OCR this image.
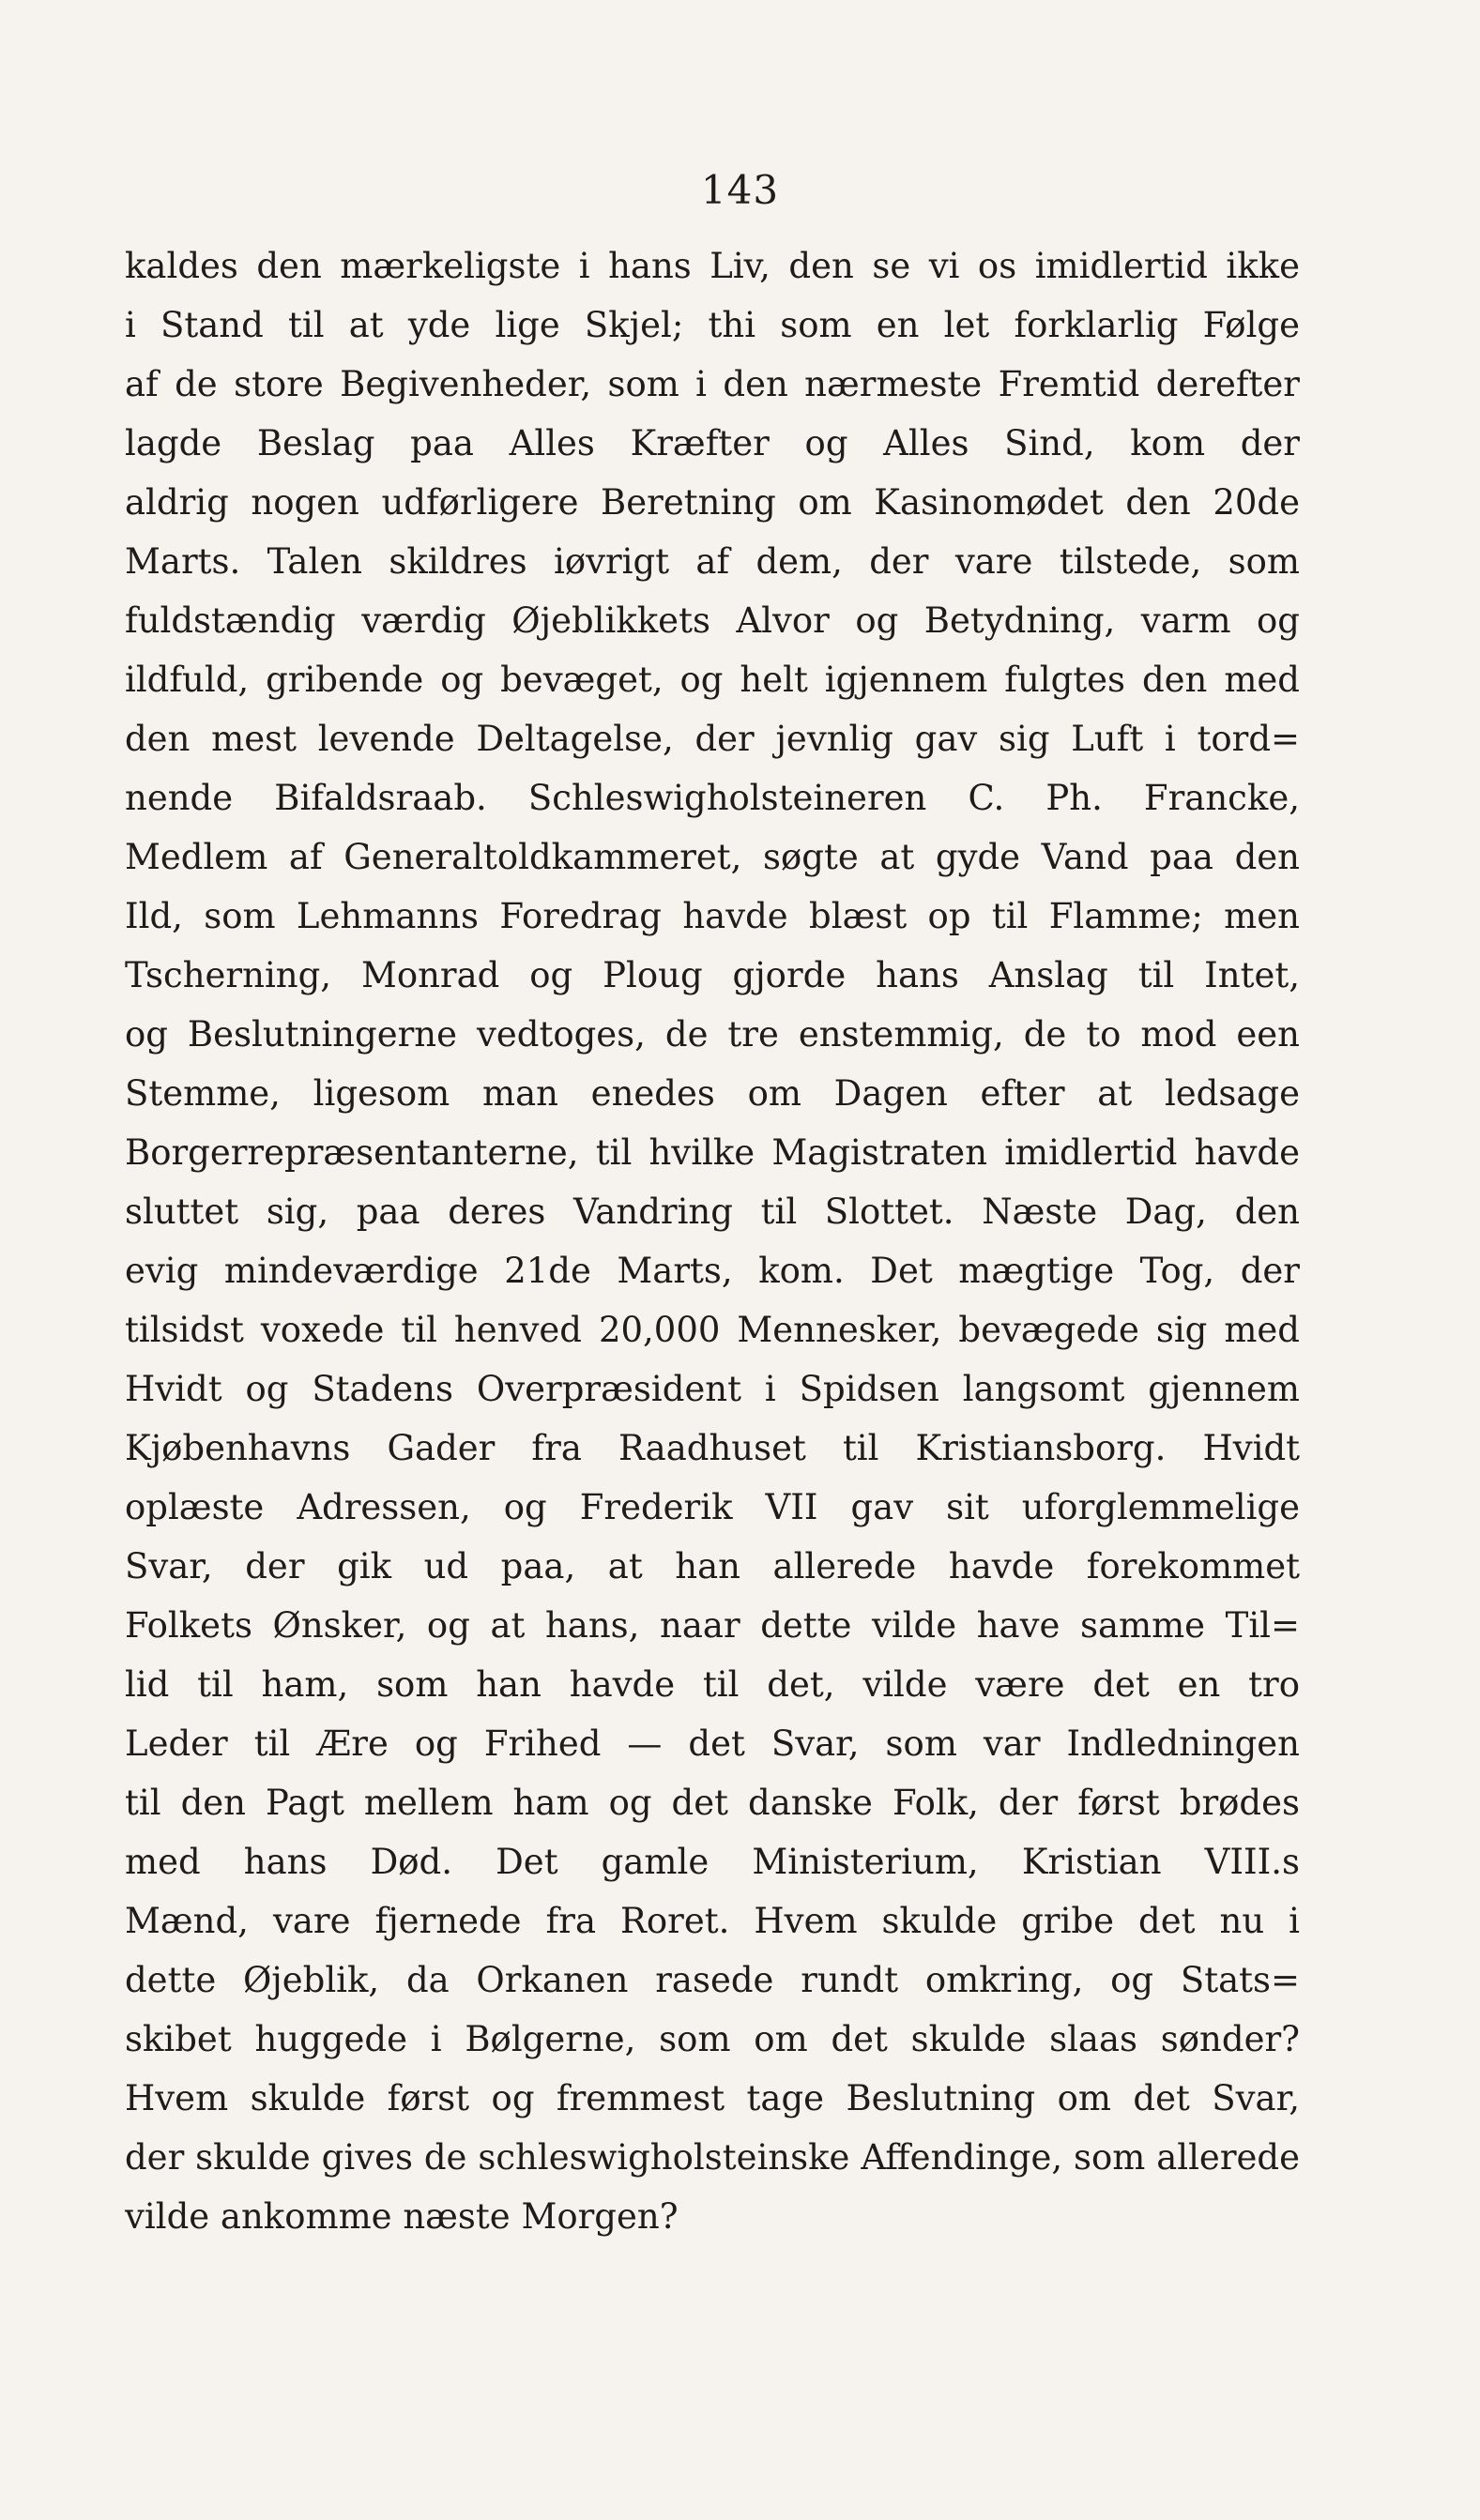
143
kaldes den mærkeligste i hans Liv, den se vi os imidlertid ikke
i Stand til at yde lige Skjel; thi som en let forklarlig Følge
af de store Begivenheder, som i den nærmeste Fremtid derefter
lagde Beslag paa Alles Kræfter og Alles Sind, kom der
aldrig nogen udførligere Beretning om Kasinomødet den 20de
Marts. Talen skildres iøvrigt af dem, der vare tilstede, som
fuldstændig værdig Øjeblikkets Alvor og Betydning, varm og
ildfuld, gribende og bevæget, og helt igjennem fulgtes den med
den mest levende Deltagelse, der jevnlig gav sig Luft i tord=
nende Bifaldsraab. Schleswigholsteineren C. Ph. Francke,
Medlem af Generaltoldkammeret, søgte at gyde Vand paa den
Ild, som Lehmanns Foredrag havde blæst op til Flamme; men
Tscherning, Monrad og Ploug gjorde hans Anslag til Intet,
og Beslutningerne vedtoges, de tre enstemmig, de to mod een
Stemme, ligesom man enedes om Dagen efter at ledsage
Borgerrepræsentanterne, til hvilke Magistraten imidlertid havde
sluttet sig, paa deres Vandring til Slottet. Næste Dag, den
evig mindeværdige 21de Marts, kom. Det mægtige Tog, der
tilsidst voxede til henved 20,000 Mennesker, bevægede sig med
Hvidt og Stadens Overpræsident i Spidsen langsomt gjennem
Kjøbenhavns Gader fra Raadhuset til Kristiansborg. Hvidt
oplæste Adressen, og Frederik VII gav sit uforglemmelige
Svar, der gik ud paa, at han allerede havde forekommet
Folkets Ønsker, og at hans, naar dette vilde have samme Til=
lid til ham, som han havde til det, vilde være det en tro
Leder til Ære og Frihed — det Svar, som var Indledningen
til den Pagt mellem ham og det danske Folk, der først brødes
med hans Død. Det gamle Ministerium, Kristian VIII.s
Mænd, vare fjernede fra Roret. Hvem skulde gribe det nu i
dette Øjeblik, da Orkanen rasede rundt omkring, og Stats=
skibet huggede i Bølgerne, som om det skulde slaas sønder?
Hvem skulde først og fremmest tage Beslutning om det Svar,
der skulde gives de schleswigholsteinske Affendinge, som allerede
vilde ankomme næste Morgen?
